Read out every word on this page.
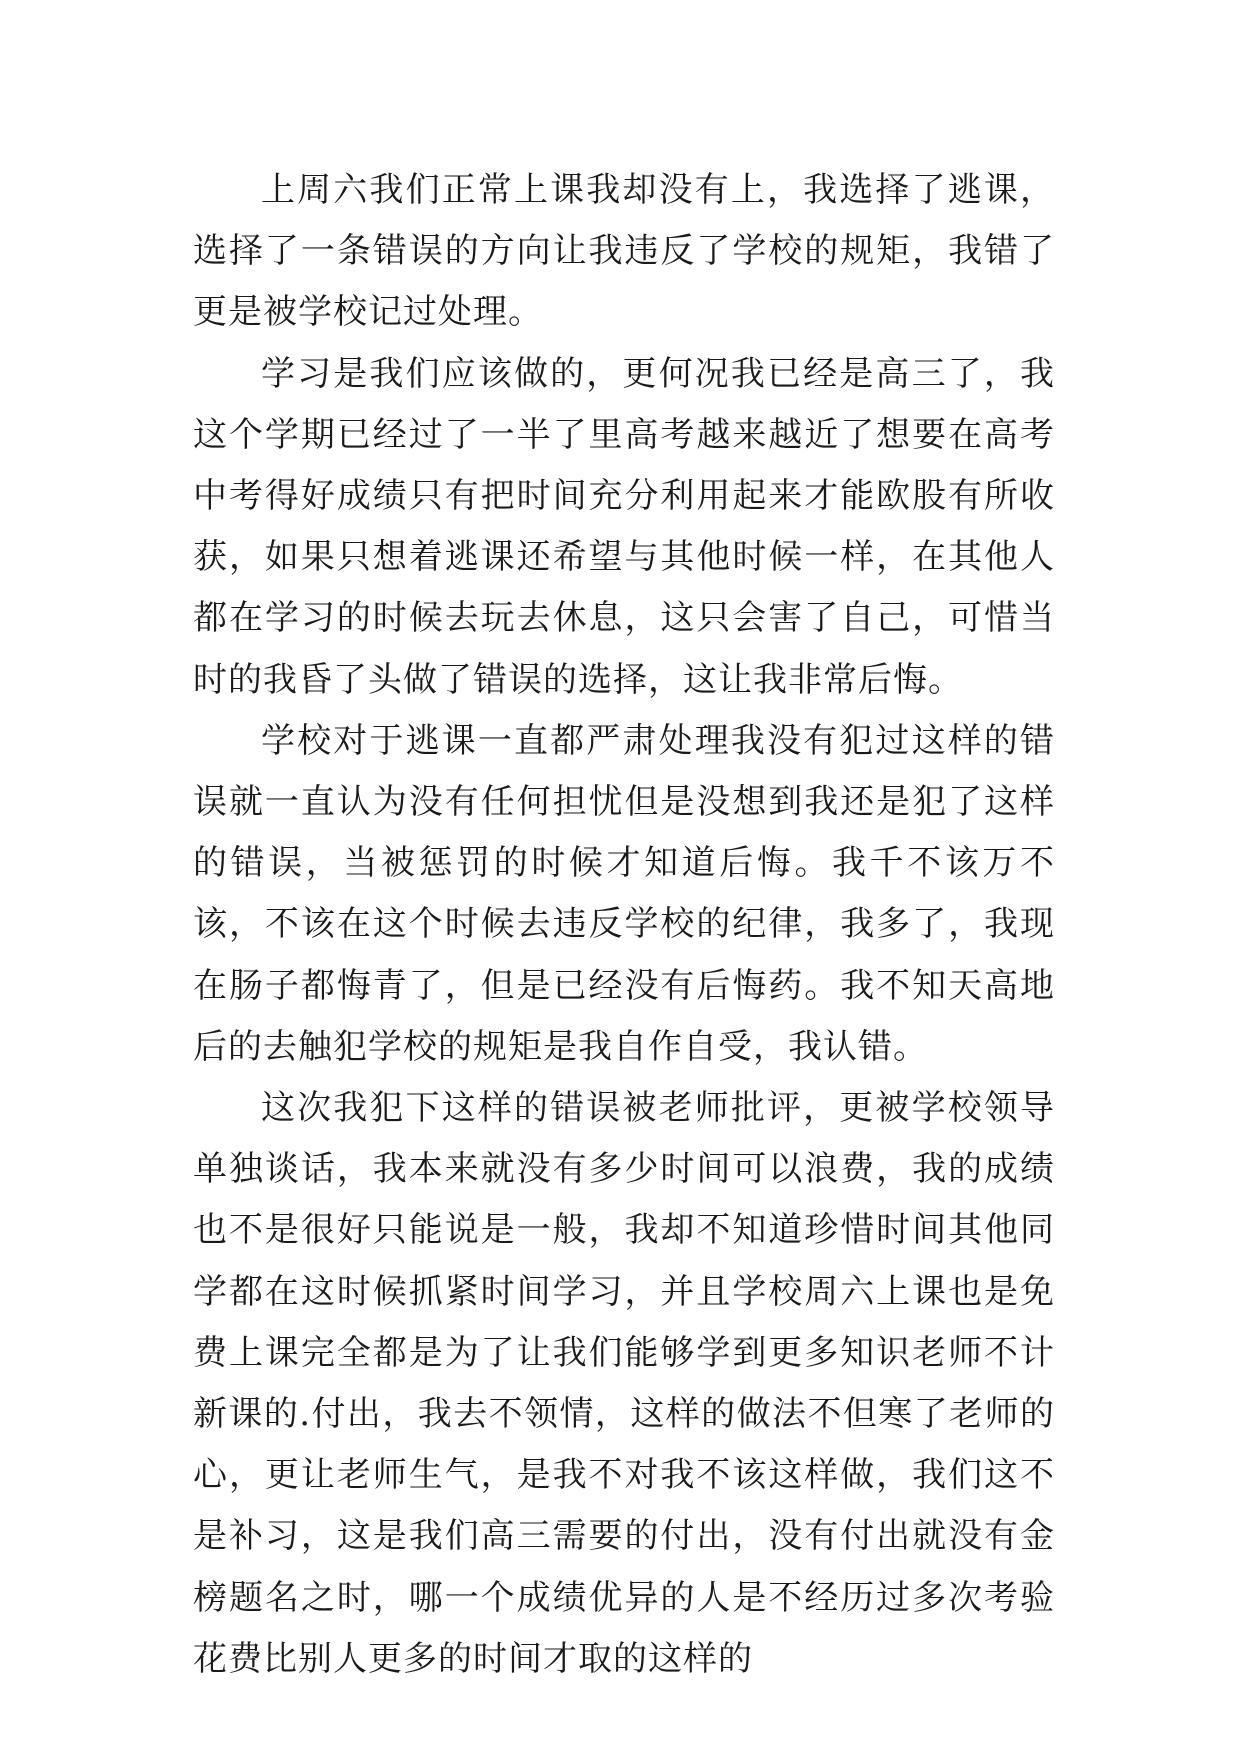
上周六我们正常上课我却没有上，我选择了逃课，选择了一条错误的方向让我违反了学校的规矩，我错了更是被学校记过处理。

学习是我们应该做的，更何况我已经是高三了，我这个学期已经过了一半了里高考越来越近了想要在高考中考得好成绩只有把时间充分利用起来才能欧股有所收获，如果只想着逃课还希望与其他时候一样，在其他人都在学习的时候去玩去休息，这只会害了自己，可惜当时的我昏了头做了错误的选择，这让我非常后悔。

学校对于逃课一直都严肃处理我没有犯过这样的错误就一直认为没有任何担忧但是没想到我还是犯了这样的错误，当被惩罚的时候才知道后悔。我千不该万不该，不该在这个时候去违反学校的纪律，我多了，我现在肠子都悔青了，但是已经没有后悔药。我不知天高地后的去触犯学校的规矩是我自作自受，我认错。

这次我犯下这样的错误被老师批评，更被学校领导单独谈话，我本来就没有多少时间可以浪费，我的成绩也不是很好只能说是一般，我却不知道珍惜时间其他同学都在这时候抓紧时间学习，并且学校周六上课也是免费上课完全都是为了让我们能够学到更多知识老师不计新课的.付出，我去不领情，这样的做法不但寒了老师的心，更让老师生气，是我不对我不该这样做，我们这不是补习，这是我们高三需要的付出，没有付出就没有金榜题名之时，哪一个成绩优异的人是不经历过多次考验花费比别人更多的时间才取的这样的
